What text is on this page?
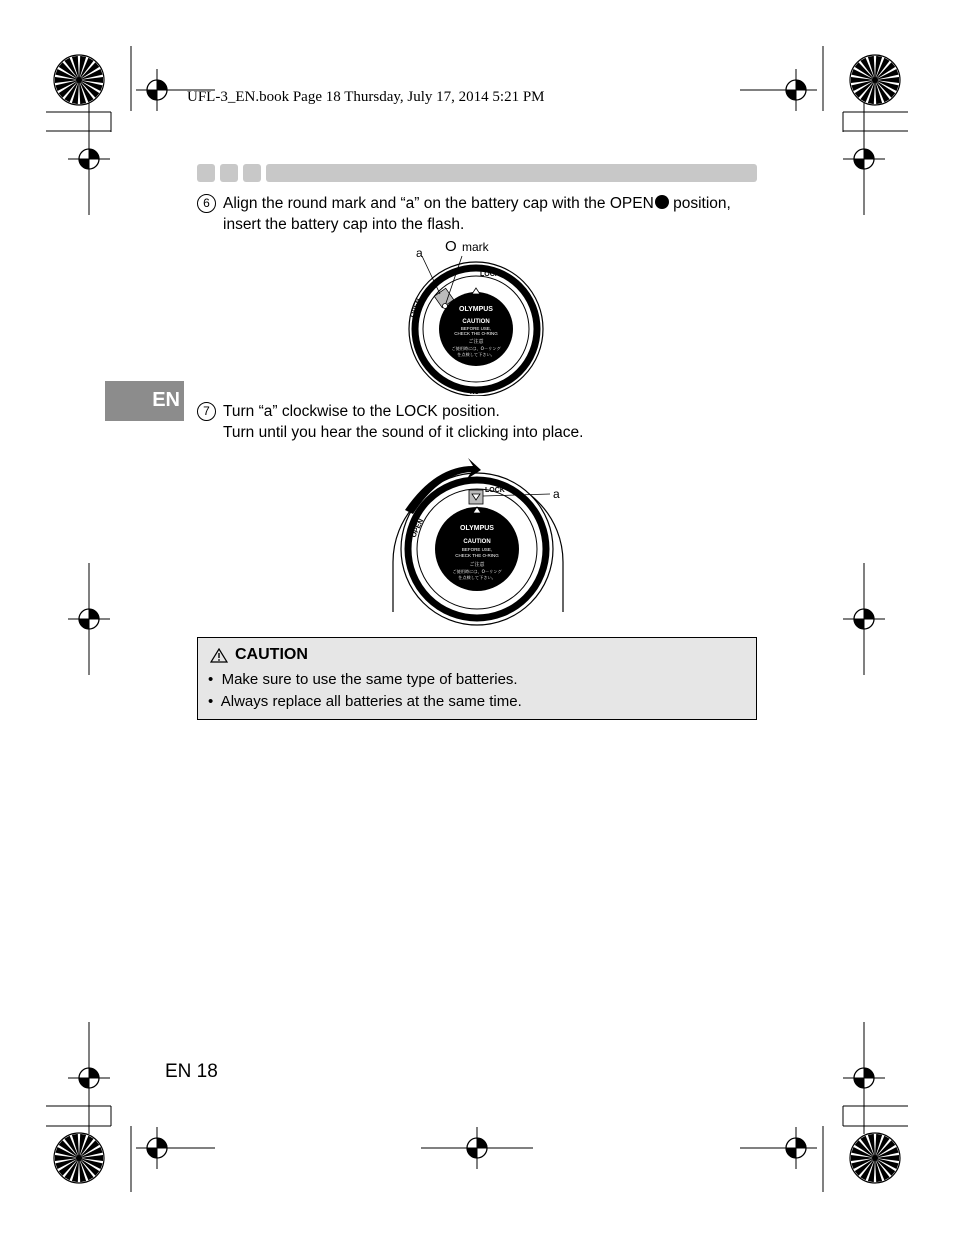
UFL-3_EN.book Page 18 Thursday, July 17, 2014 5:21 PM
EN
6 Align the round mark and “a” on the battery cap with the OPEN position,
insert the battery cap into the flash.
a O mark
LOCK
OPEN
RC
OLYMPUS
CAUTION
BEFORE USE,
CHECK THE O-RING
ご注意
ご使用時には、O－リング
を点検して下さい。
7 Turn “a” clockwise to the LOCK position.
Turn until you hear the sound of it clicking into place.
a
LOCK
OPEN
RC
OLYMPUS
CAUTION
BEFORE USE,
CHECK THE O-RING
ご注意
ご使用時には、O－リング
を点検して下さい。
CAUTION
•  Make sure to use the same type of batteries.
•  Always replace all batteries at the same time.
EN 18
